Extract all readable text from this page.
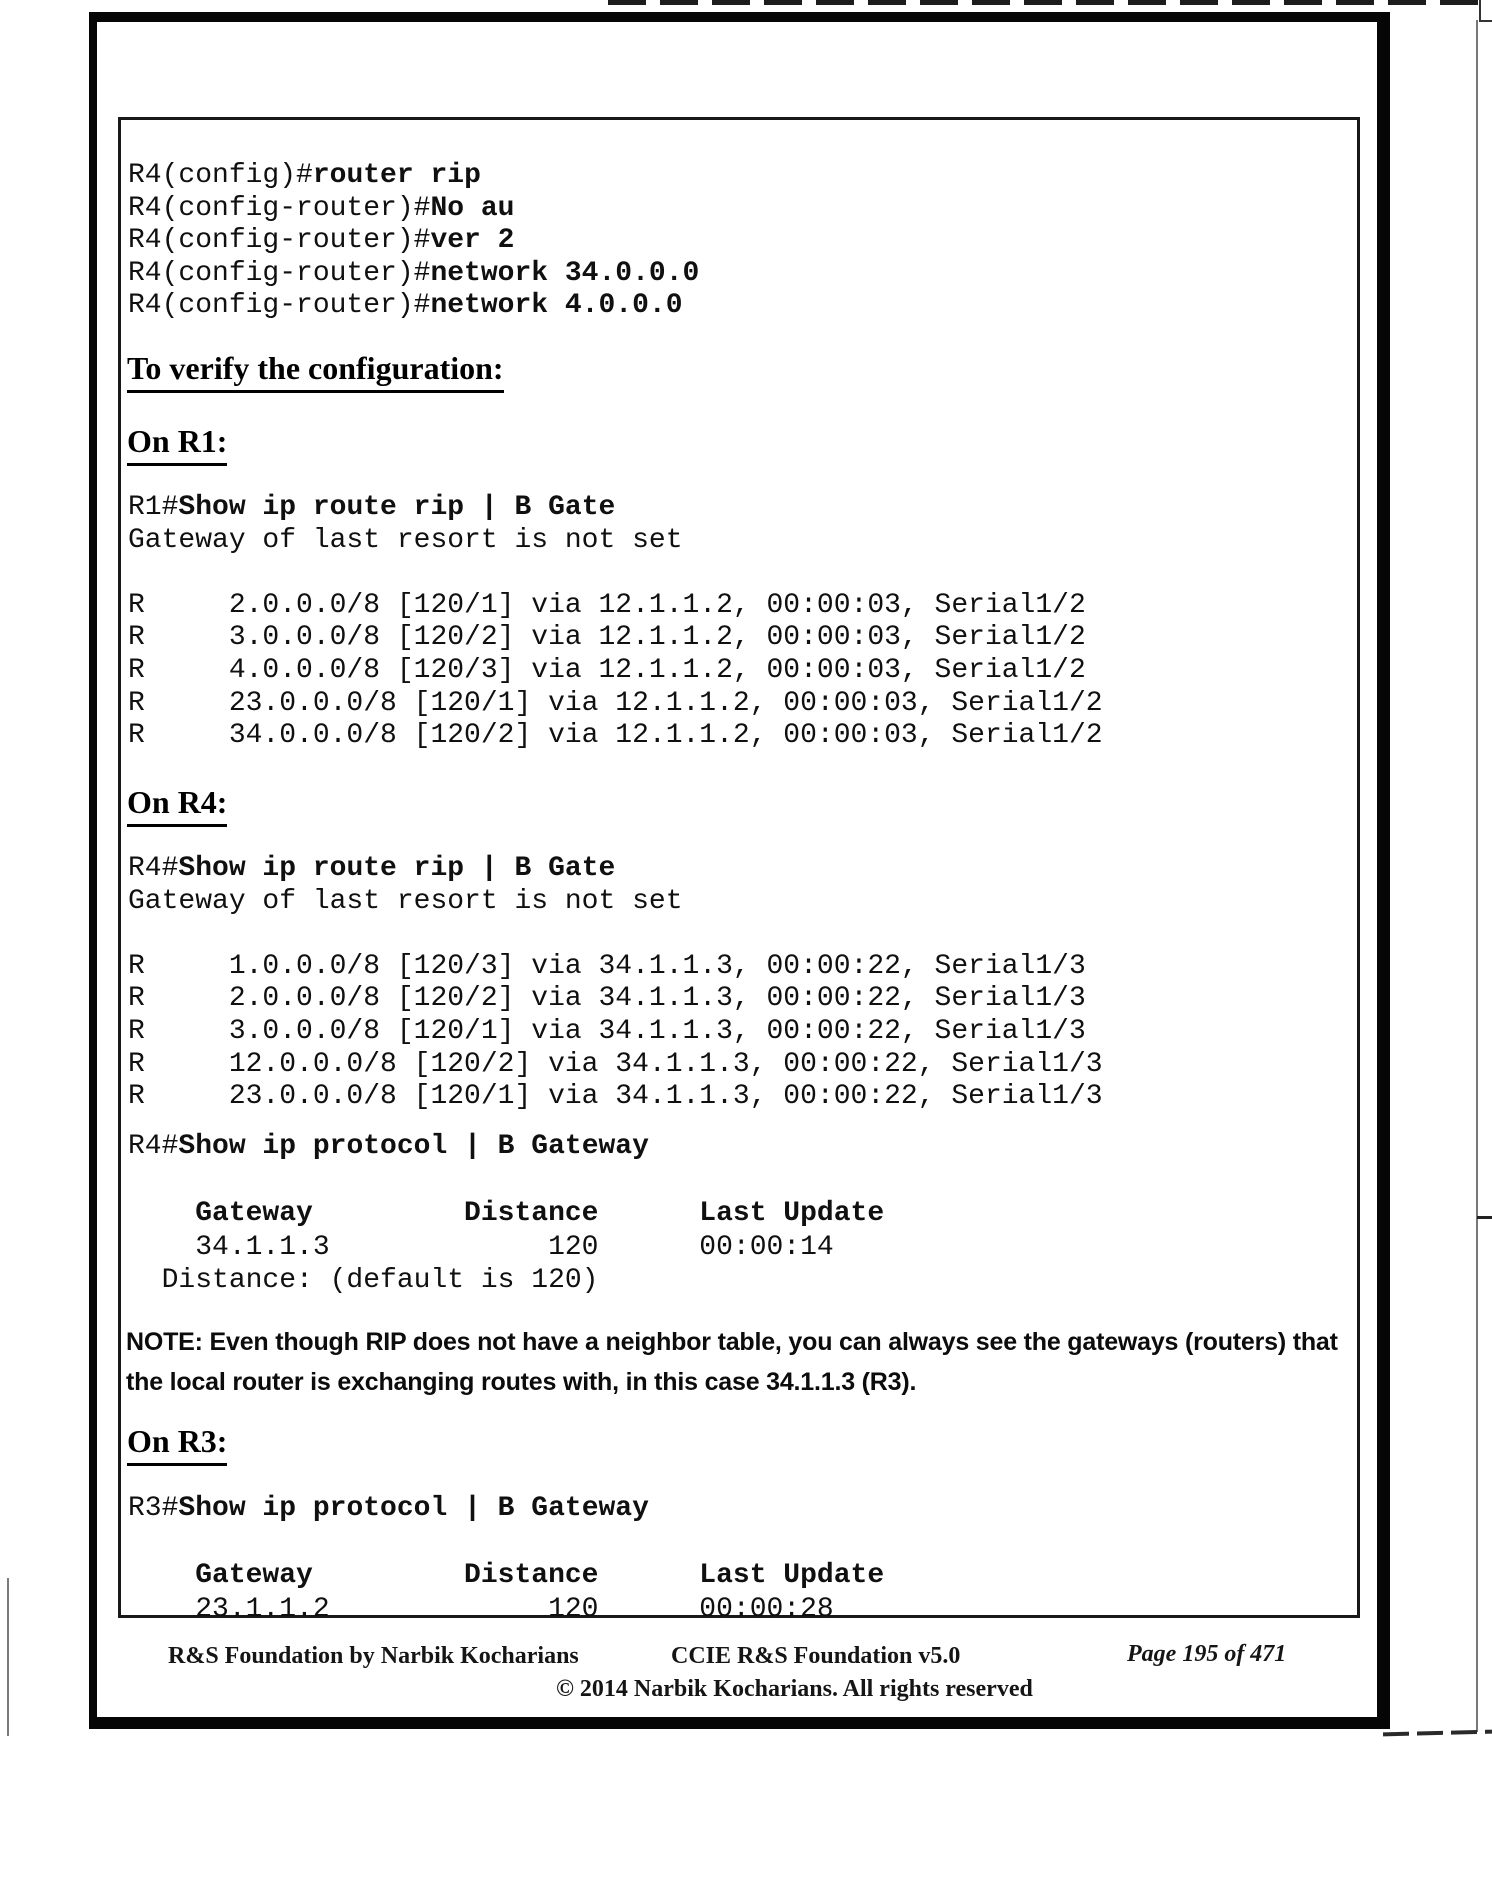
R4(config)#router rip
R4(config-router)#No au
R4(config-router)#ver 2
R4(config-router)#network 34.0.0.0
R4(config-router)#network 4.0.0.0
To verify the configuration:
On R1:
R1#Show ip route rip | B Gate
Gateway of last resort is not set
R     2.0.0.0/8 [120/1] via 12.1.1.2, 00:00:03, Serial1/2
R     3.0.0.0/8 [120/2] via 12.1.1.2, 00:00:03, Serial1/2
R     4.0.0.0/8 [120/3] via 12.1.1.2, 00:00:03, Serial1/2
R     23.0.0.0/8 [120/1] via 12.1.1.2, 00:00:03, Serial1/2
R     34.0.0.0/8 [120/2] via 12.1.1.2, 00:00:03, Serial1/2
On R4:
R4#Show ip route rip | B Gate
Gateway of last resort is not set
R     1.0.0.0/8 [120/3] via 34.1.1.3, 00:00:22, Serial1/3
R     2.0.0.0/8 [120/2] via 34.1.1.3, 00:00:22, Serial1/3
R     3.0.0.0/8 [120/1] via 34.1.1.3, 00:00:22, Serial1/3
R     12.0.0.0/8 [120/2] via 34.1.1.3, 00:00:22, Serial1/3
R     23.0.0.0/8 [120/1] via 34.1.1.3, 00:00:22, Serial1/3
R4#Show ip protocol | B Gateway
Gateway         Distance      Last Update
34.1.1.3             120      00:00:14
Distance: (default is 120)
NOTE: Even though RIP does not have a neighbor table, you can always see the gateways (routers) that
the local router is exchanging routes with, in this case 34.1.1.3 (R3).
On R3:
R3#Show ip protocol | B Gateway
Gateway         Distance      Last Update
23.1.1.2             120      00:00:28
R&S Foundation by Narbik Kocharians	CCIE R&S Foundation v5.0	Page 195 of 471
© 2014 Narbik Kocharians. All rights reserved
